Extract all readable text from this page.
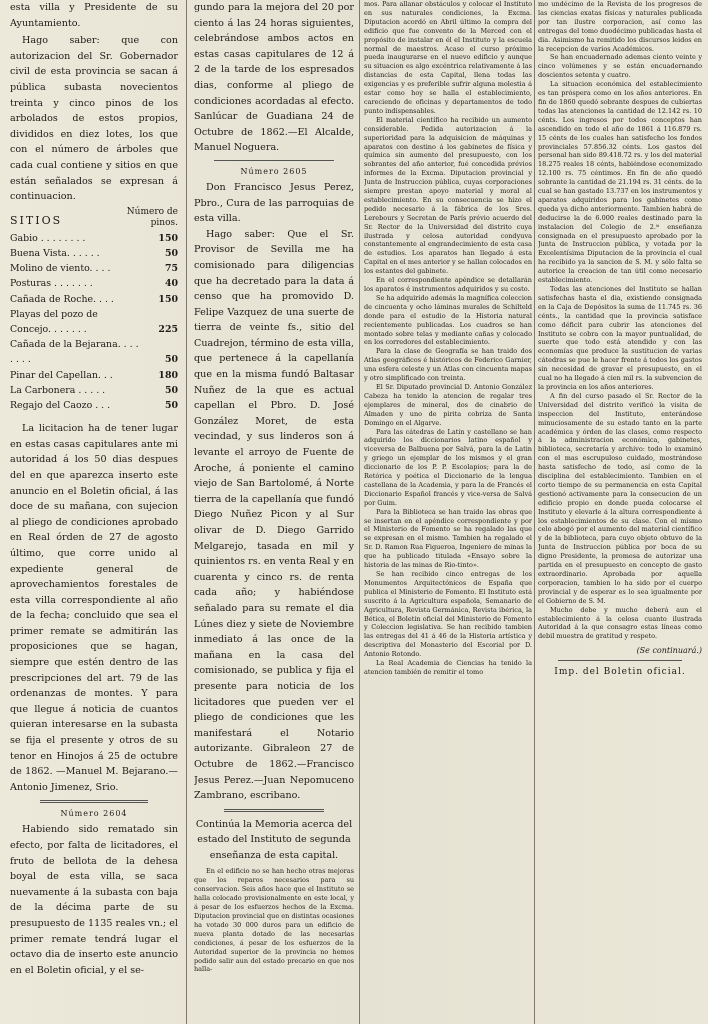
esta villa y Presidente de su Ayuntamiento.

Hago saber: que con autorizacion del Sr. Gobernador civil de esta provincia se sacan á pública subasta novecientos treinta y cinco pinos de los arbolados de estos propios, divididos en diez lotes, los que con el número de árboles que cada cual contiene y sitios en que están señalados se expresan á continuacion.

SITIOS
Número de pinos.
Gabio . . . . . . . .	150
Buena Vista. . . . . .	50
Molino de viento. . . .	75
Posturas . . . . . . .	40
Cañada de Roche. . . .	150
Playas del pozo de Concejo. . . . . . .	225
Cañada de la Bejarana. . . . . . . .	50
Pinar del Capellan. . .	180
La Carbonera . . . . .	50
Regajo del Caozo . . .	50

La licitacion ha de tener lugar en estas casas capitulares ante mi autoridad á los 50 dias despues del en que aparezca inserto este anuncio en el Boletin oficial, á las doce de su mañana, con sujecion al pliego de condiciones aprobado en Real órden de 27 de agosto último, que corre unido al expediente general de aprovechamientos forestales de esta villa correspondiente al año de la fecha; concluido que sea el primer remate se admitirán las proposiciones que se hagan, siempre que estén dentro de las prescripciones del art. 79 de las ordenanzas de montes. Y para que llegue á noticia de cuantos quieran interesarse en la subasta se fija el presente y otros de su tenor en Hinojos á 25 de octubre de 1862. —Manuel M. Bejarano.—Antonio Jimenez, Srio.

Número 2604

Habiendo sido rematado sin efecto, por falta de licitadores, el fruto de bellota de la dehesa boyal de esta villa, se saca nuevamente á la subasta con baja de la décima parte de su presupuesto de 1135 reales vn.; el primer remate tendrá lugar el octavo dia de inserto este anuncio en el Boletin oficial, y el se-

gundo para la mejora del 20 por ciento á las 24 horas siguientes, celebrándose ambos actos en estas casas capitulares de 12 á 2 de la tarde de los espresados dias, conforme al pliego de condiciones acordadas al efecto. Sanlúcar de Guadiana 24 de Octubre de 1862.—El Alcalde, Manuel Noguera.

Número 2605

Don Francisco Jesus Perez, Pbro., Cura de las parroquias de esta villa.

Hago saber: Que el Sr. Provisor de Sevilla me ha comisionado para diligencias que ha decretado para la data á censo que ha promovido D. Felipe Vazquez de una suerte de tierra de veinte fs., sitio del Cuadrejon, término de esta villa, que pertenece á la capellanía que en la misma fundó Baltasar Nuñez de la que es actual capellan el Pbro. D. José González Moret, de esta vecindad, y sus linderos son á levante el arroyo de Fuente de Aroche, á poniente el camino viejo de San Bartolomé, á Norte tierra de la capellanía que fundó Diego Nuñez Picon y al Sur olivar de D. Diego Garrido Melgarejo, tasada en mil y quinientos rs. en venta Real y en cuarenta y cinco rs. de renta cada año; y habiéndose señalado para su remate el dia Lúnes diez y siete de Noviembre inmediato á las once de la mañana en la casa del comisionado, se publica y fija el presente para noticia de los licitadores que pueden ver el pliego de condiciones que les manifestará el Notario autorizante. Gibraleon 27 de Octubre de 1862.—Francisco Jesus Perez.—Juan Nepomuceno Zambrano, escribano.

Continúa la Memoria acerca del estado del Instituto de segunda enseñanza de esta capital.

En el edificio no se han hecho otras mejoras que los reparos necesarios para su conservacion. Seis años hace que el Instituto se halla colocado provisionalmente en este local, y á pesar de los esfuerzos hechos de la Excma. Diputacion provincial que en distintas ocasiones ha votado 30 000 duros para un edificio de nueva planta dotado de las necesarias condiciones, á pesar de los esfuerzos de la Autoridad superior de la provincia no hemos podido salir aun del estado precario en que nos halla-

mos. Para allanar obstáculos y colocar el Instituto en sus naturales condiciones, la Excma. Diputacion acordó en Abril último la compra del edificio que fue convento de la Merced con el propósito de instalar en él el Instituto y la escuela normal de maestros. Acaso el curso próximo pueda inaugurarse en el nuevo edificio y aunque su situacion es algo excéntrica relativamente á las distancias de esta Capital, llena todas las exigencias y es preferible sufrir alguna molestia á estar como hoy se halla el establecimiento, careciendo de oficinas y departamentos de todo punto indispensables.

El material científico ha recibido un aumento considerable. Pedida autorizacion á la superioridad para la adquisicion de máquinas y aparatos con destino á los gabinetes de física y química sin aumento del presupuesto, con los sobrantes del año anterior, fué concedida prévios informes de la Excma. Diputacion provincial y Junta de Instruccion pública, cuyas corporaciones siempre prestan apoyo material y moral al establecimiento. En su consecuencia se hizo el pedido necesario á la fábrica de los Sres. Lerebours y Secretan de París prévio acuerdo del Sr. Rector de la Universidad del distrito cuya ilustrada y celosa autoridad condyuva constantemente al engrandecimiento de esta casa de estudios. Los aparatos han llegado á esta Capital en el mes anterior y se hallan colocados en los estantes del gabinete.

En el correspondiente apéndice se detallarán los aparatos é instrumentos adquiridos y su costo.

Se ha adquirido además la magnífica coleccion de cincuenta y ocho láminas murales de Schilteld donde para el estudio de la Historia natural recientemente publicadas. Los cuadros se han montado sobre telas y mediante cañas y colocado en los corredores del establecimiento.

Para la clase de Geografía se han traido dos Atlas geográficos é históricos de Federico Garnier, una esfera celeste y un Atlas con cincuenta mapas y otro simplificado con treinta.

El Sr. Diputado provincial D. Antonio González Cabeza ha tenido la atencion de regalar tres ejemplares de mineral, dos de cinabrio de Almaden y uno de pirita cobriza de Santa Domingo en el Algarve.

Para las cátedras de Latin y castellano se han adquirido los diccionarios latino español y viceversa de Balbuena por Salvá, para la de Latin y griego un ejemplar de los mismos y el gran diccionario de los P. P. Escolapios; para la de Retórica y poética el Diccionario de la lengua castellana de la Academia, y para la de Francés el Diccionario Español francés y vice-versa de Salvá por Guim.

Para la Biblioteca se han traido las obras que se insertan en el apéndice correspondiente y por el Ministerio de Fomento se ha regalado las que se expresan en el mismo. Tambien ha regalado el Sr. D. Ramon Rua Figueroa, Ingeniero de minas la que ha publicado titulada «Ensayo sobre la historia de las minas de Rio-tinto».

Se han recibido cinco entregas de los Monumentos Arquitectónicos de España que publica el Ministerio de Fomento. El Instituto está suscrito á la Agricultura española, Semanario de Agricultura, Revista Germánica, Revista ibérica, la Bética, el Boletin oficial del Ministerio de Fomento y Coleccion legislativa. Se han recibido tambien las entregas del 41 á 46 de la Historia artística y descriptiva del Monasterio del Escorial por D. Antonio Rotondo.

La Real Academia de Ciencias ha tenido la atencion también de remitir el tomo

mo undécimo de la Revista de los progresos de las ciencias exatas físicas y naturales publicada por tan ilustre corporacion, así como las entregas del tomo duodécimo publicadas hasta el dia. Asimismo ha remitido los discursos leidos en la recepcion de varios Académicos.

Se han encuadernado ademas ciento veinte y cinco volúmenes y se están encuadernando doscientos setenta y cuatro.

La situacion económica del establecimiento es tan próspera como en los años anteriores. En fin de 1860 quedó sobrante despues de cubiertas todas las atenciones la cantidad de 12.142 rs. 10 cénts. Los ingresos por todos conceptos han ascendido en todo el año de 1861 á 116.879 rs. 15 cénts de los cuales han satisfecho los fondos provinciales 57.856.32 cénts. Los gastos del personal han sido 89.418.72 rs. y los del material 18.275 reales 18 cénts, habiéndose economizado 12.100 rs. 75 céntimos. En fin de año quedó sobrante la cantidad de 21.194 rs. 31 cénts. de la cual se han gastado 13.737 en los instrumentos y aparatos adquiridos para los gabinetes como queda ya dicho anteriormente. Tambien habrá de deducirse la de 6.000 reales destinado para la instalacion del Colegio de 2.ª enseñanza consignada en el presupuesto aprobado por la Junta de Instruccion pública, y votada por la Excelentísima Diputacion de la provincia el cual ha recibido ya la sancion de S. M. y sólo falta se autorice la creacion de tan útil como necesario establecimiento.

Todas las atenciones del Instituto se hallan satisfechas hasta el dia, existiendo consignada en la Caja de Depósitos la suma de 11.745 rs. 36 cénts., la cantidad que la provincia satisface como déficit para cubrir las atenciones del Instituto se cobra con la mayor puntualidad, de suerte que todo está atendido y con las economías que produce la sustitucion de varias cátedras se pue le hacer frente á todos los gastos sin necesidad de gravar el presupuesto, en el cual no ha llegado á cien mil rs. la subvencion de la provincia en los años anteriores.

A fin del curso pasado el Sr. Rector de la Universidad del distrito verificó la visita de inspeccion del Instituto, enterándose minuciosamente de su estado tanto en la parte académica y órden de las clases, como respecto á la administracion económica, gabinetes, biblioteca, secretaría y archivo: todo lo examinó con el mas escrupuloso cuidado, mostrándose hasta satisfecho de todo, así como de la disciplina del establecimiento. Tambien en el corto tiempo de su permanencia en esta Capital gestionó activamente para la consecucion de un edificio propio en donde pueda colocarse el Instituto y elevarle á la altura correspondiente á los establecimientos de su clase. Con el mismo celo abogó por el aumento del material científico y de la biblioteca, para cuyo objeto obtuvo de la Junta de Instruccion pública por boca de su digno Presidente, la promesa de autorizar una partida en el presupuesto en concepto de gasto extraordinario. Aprobada por aquella corporacion, tambien lo ha sido por el cuerpo provincial y de esperar es lo sea igualmente por el Gobierno de S. M.

Mucho debe y mucho deberá aun el establecimiento á la celosa cuanto ilustrada Autoridad á la que consagro estas líneas como debil muestra de gratitud y respeto.

(Se continuará.)

Imp. del Boletin oficial.
